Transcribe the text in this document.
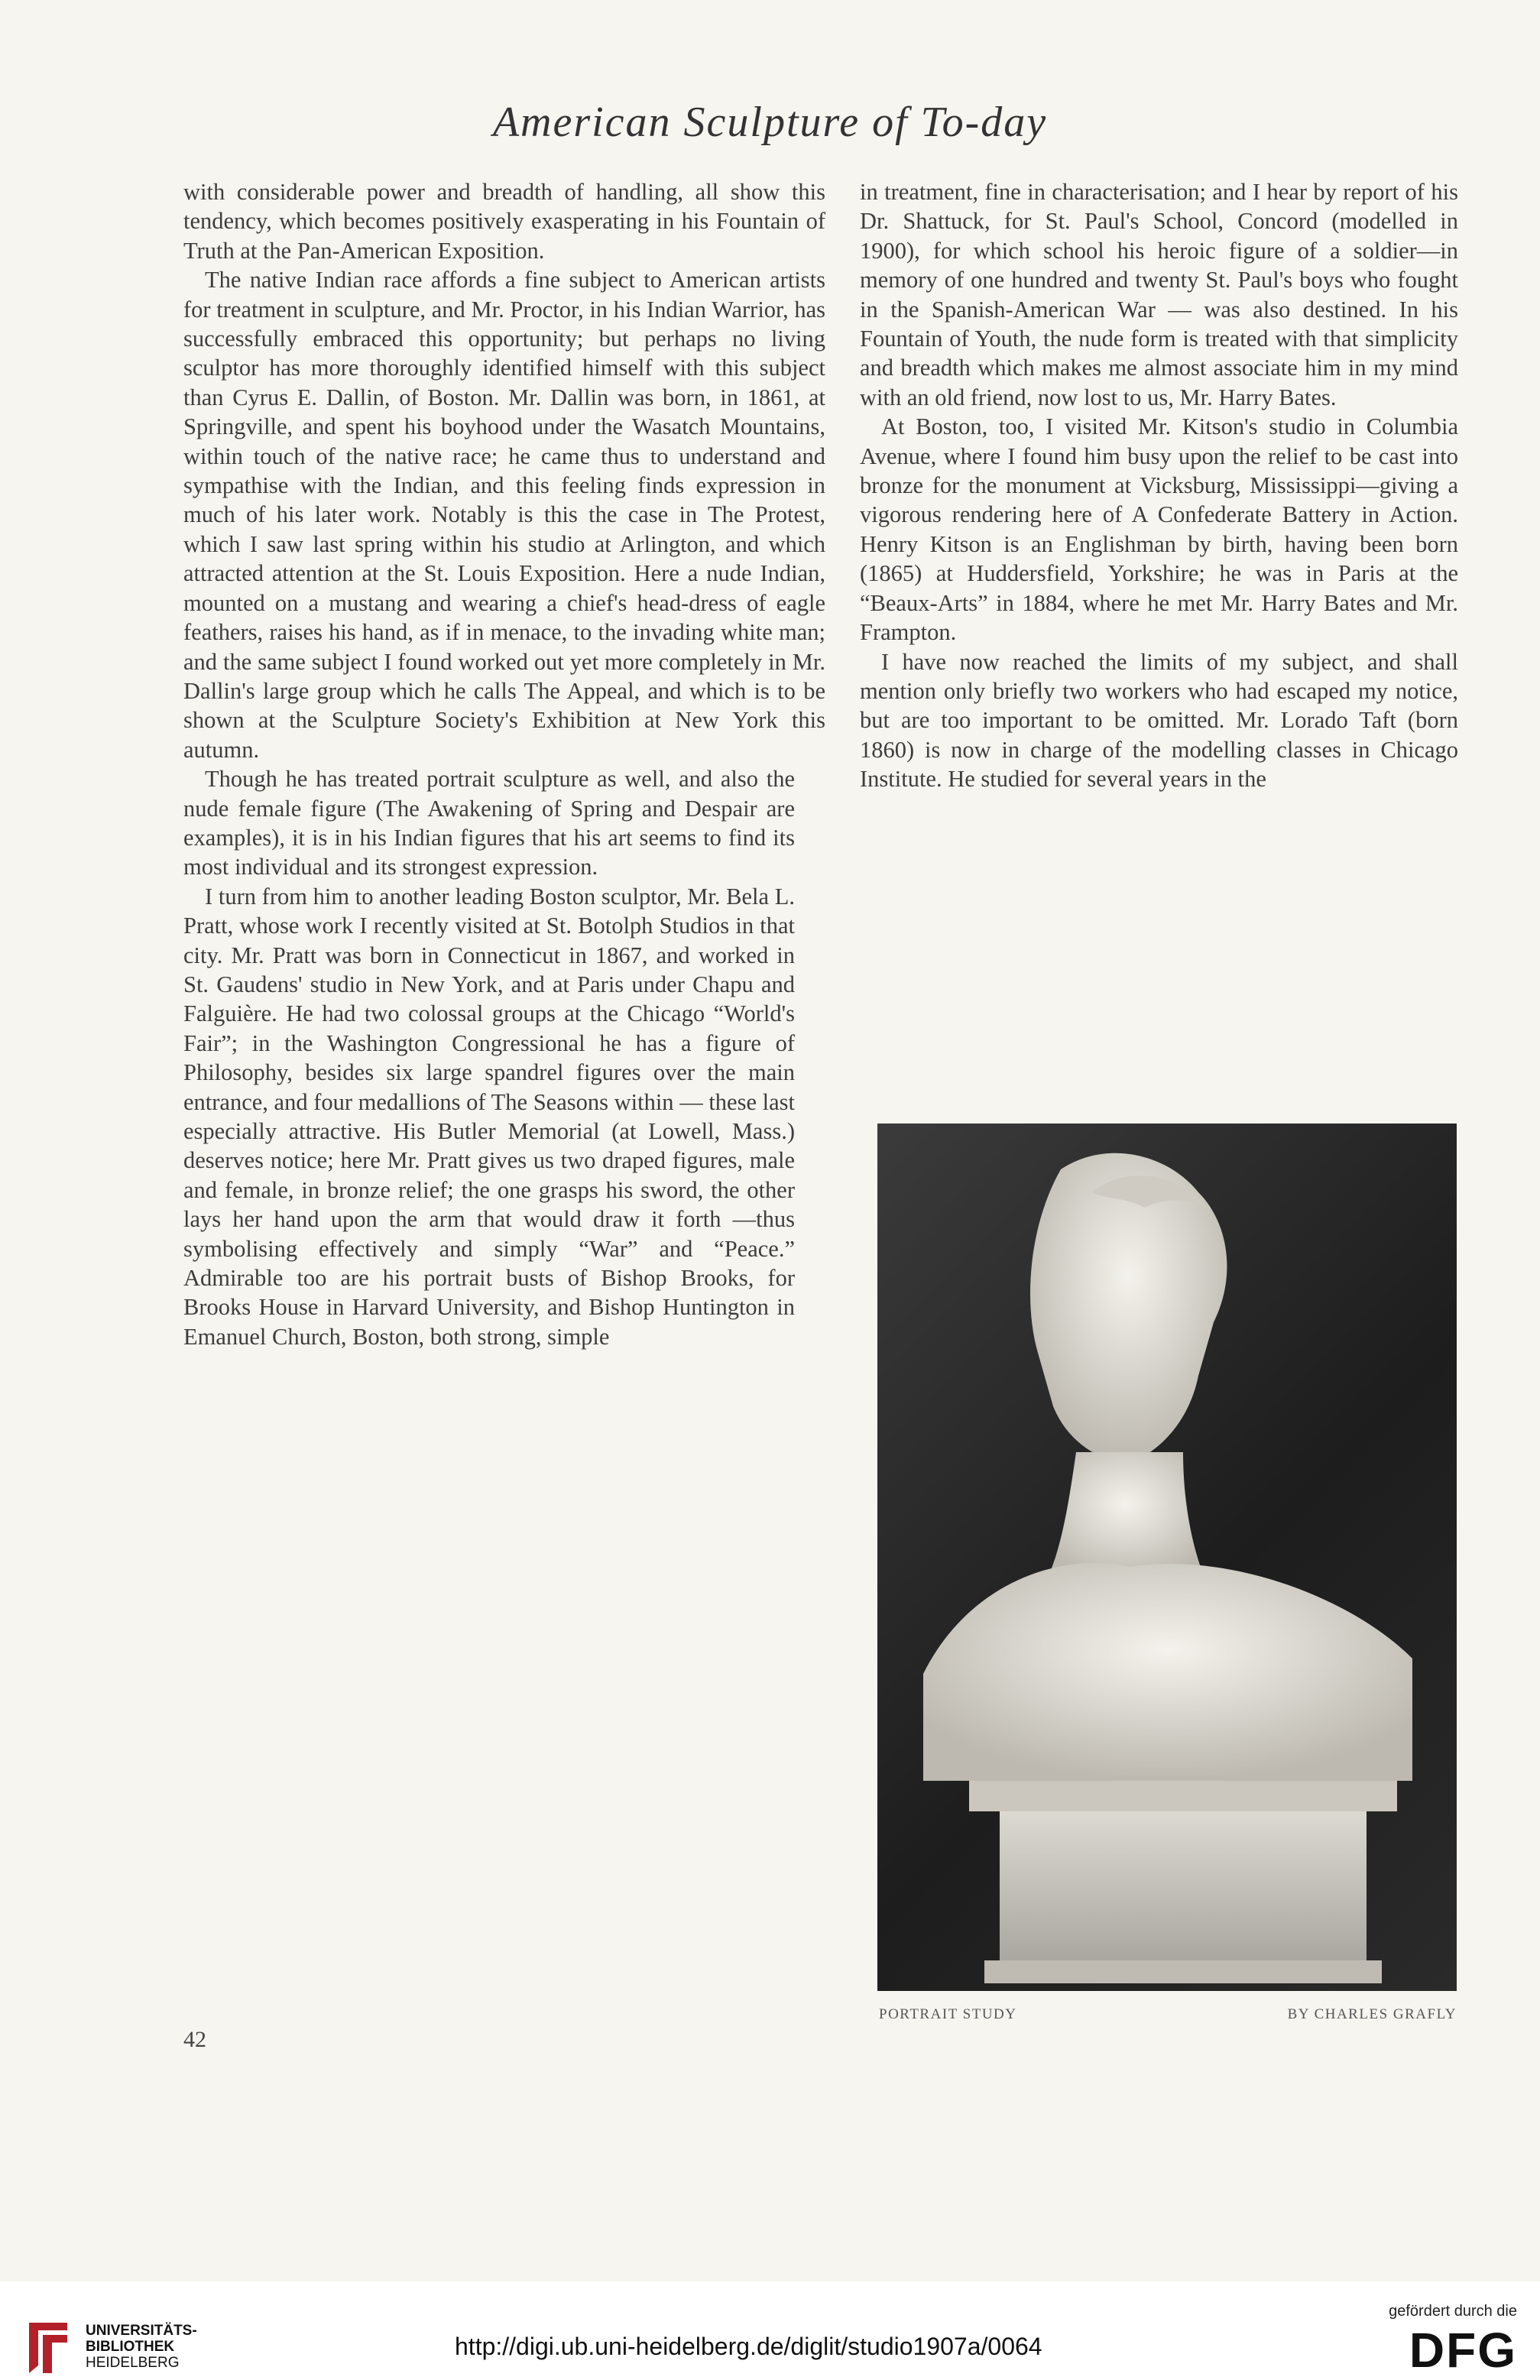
American Sculpture of To-day

with considerable power and breadth of handling, all show this tendency, which becomes positively exasperating in his Fountain of Truth at the Pan-American Exposition.

The native Indian race affords a fine subject to American artists for treatment in sculpture, and Mr. Proctor, in his Indian Warrior, has successfully embraced this opportunity; but perhaps no living sculptor has more thoroughly identified himself with this subject than Cyrus E. Dallin, of Boston. Mr. Dallin was born, in 1861, at Springville, and spent his boyhood under the Wasatch Mountains, within touch of the native race; he came thus to understand and sympathise with the Indian, and this feeling finds expression in much of his later work. Notably is this the case in The Protest, which I saw last spring within his studio at Arlington, and which attracted attention at the St. Louis Exposition. Here a nude Indian, mounted on a mustang and wearing a chief's head-dress of eagle feathers, raises his hand, as if in menace, to the invading white man; and the same subject I found worked out yet more completely in Mr. Dallin's large group which he calls The Appeal, and which is to be shown at the Sculpture Society's Exhibition at New York this autumn.

Though he has treated portrait sculpture as well, and also the nude female figure (The Awakening of Spring and Despair are examples), it is in his Indian figures that his art seems to find its most individual and its strongest expression.

I turn from him to another leading Boston sculptor, Mr. Bela L. Pratt, whose work I recently visited at St. Botolph Studios in that city. Mr. Pratt was born in Connecticut in 1867, and worked in St. Gaudens' studio in New York, and at Paris under Chapu and Falguière. He had two colossal groups at the Chicago “World's Fair”; in the Washington Congressional he has a figure of Philosophy, besides six large spandrel figures over the main entrance, and four medallions of The Seasons within — these last especially attractive. His Butler Memorial (at Lowell, Mass.) deserves notice; here Mr. Pratt gives us two draped figures, male and female, in bronze relief; the one grasps his sword, the other lays her hand upon the arm that would draw it forth —thus symbolising effectively and simply “War” and “Peace.” Admirable too are his portrait busts of Bishop Brooks, for Brooks House in Harvard University, and Bishop Huntington in Emanuel Church, Boston, both strong, simple

in treatment, fine in characterisation; and I hear by report of his Dr. Shattuck, for St. Paul's School, Concord (modelled in 1900), for which school his heroic figure of a soldier—in memory of one hundred and twenty St. Paul's boys who fought in the Spanish-American War — was also destined. In his Fountain of Youth, the nude form is treated with that simplicity and breadth which makes me almost associate him in my mind with an old friend, now lost to us, Mr. Harry Bates.

At Boston, too, I visited Mr. Kitson's studio in Columbia Avenue, where I found him busy upon the relief to be cast into bronze for the monument at Vicksburg, Mississippi—giving a vigorous rendering here of A Confederate Battery in Action. Henry Kitson is an Englishman by birth, having been born (1865) at Huddersfield, Yorkshire; he was in Paris at the “Beaux-Arts” in 1884, where he met Mr. Harry Bates and Mr. Frampton.

I have now reached the limits of my subject, and shall mention only briefly two workers who had escaped my notice, but are too important to be omitted. Mr. Lorado Taft (born 1860) is now in charge of the modelling classes in Chicago Institute. He studied for several years in the

PORTRAIT STUDY	BY CHARLES GRAFLY
42
UNIVERSITÄTS-
BIBLIOTHEK
HEIDELBERG
http://digi.ub.uni-heidelberg.de/diglit/studio1907a/0064
gefördert durch die
DFG
